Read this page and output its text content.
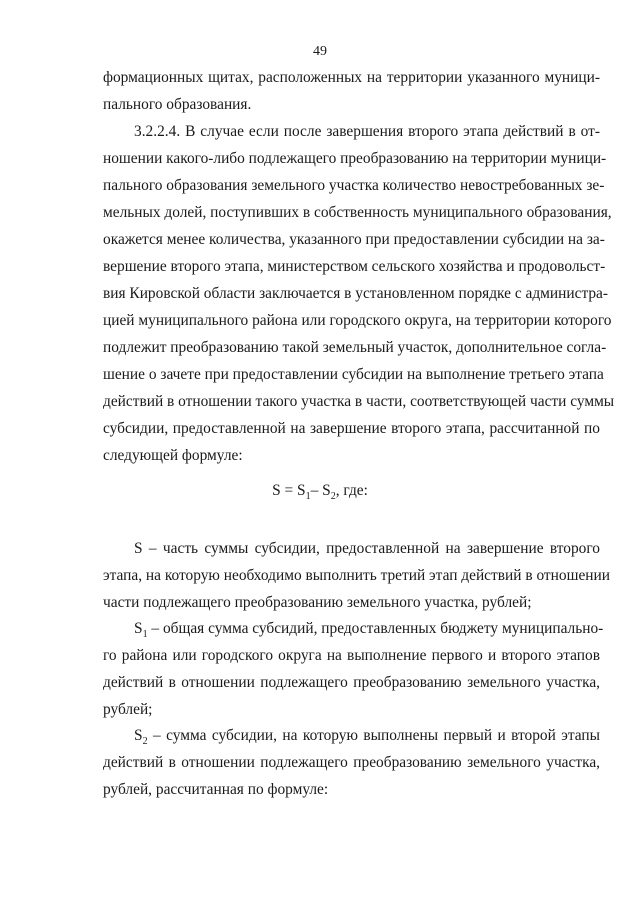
49
формационных щитах, расположенных на территории указанного муници-
пального образования.
3.2.2.4. В случае если после завершения второго этапа действий в от-
ношении какого-либо подлежащего преобразованию на территории муници-
пального образования земельного участка количество невостребованных зе-
мельных долей, поступивших в собственность муниципального образования,
окажется менее количества, указанного при предоставлении субсидии на за-
вершение второго этапа, министерством сельского хозяйства и продовольст-
вия Кировской области заключается в установленном порядке с администра-
цией муниципального района или городского округа, на территории которого
подлежит преобразованию такой земельный участок, дополнительное согла-
шение о зачете при предоставлении субсидии на выполнение третьего этапа
действий в отношении такого участка в части, соответствующей части суммы
субсидии, предоставленной на завершение второго этапа, рассчитанной по
следующей формуле:
$S = S_1-$ $S_2$, где:
S – часть суммы субсидии, предоставленной на завершение второго
этапа, на которую необходимо выполнить третий этап действий в отношении
части подлежащего преобразованию земельного участка, рублей;
$S_1$ – общая сумма субсидий, предоставленных бюджету муниципально-
го района или городского округа на выполнение первого и второго этапов
действий в отношении подлежащего преобразованию земельного участка,
рублей;
$S_2$ – сумма субсидии, на которую выполнены первый и второй этапы
действий в отношении подлежащего преобразованию земельного участка,
рублей, рассчитанная по формуле:
